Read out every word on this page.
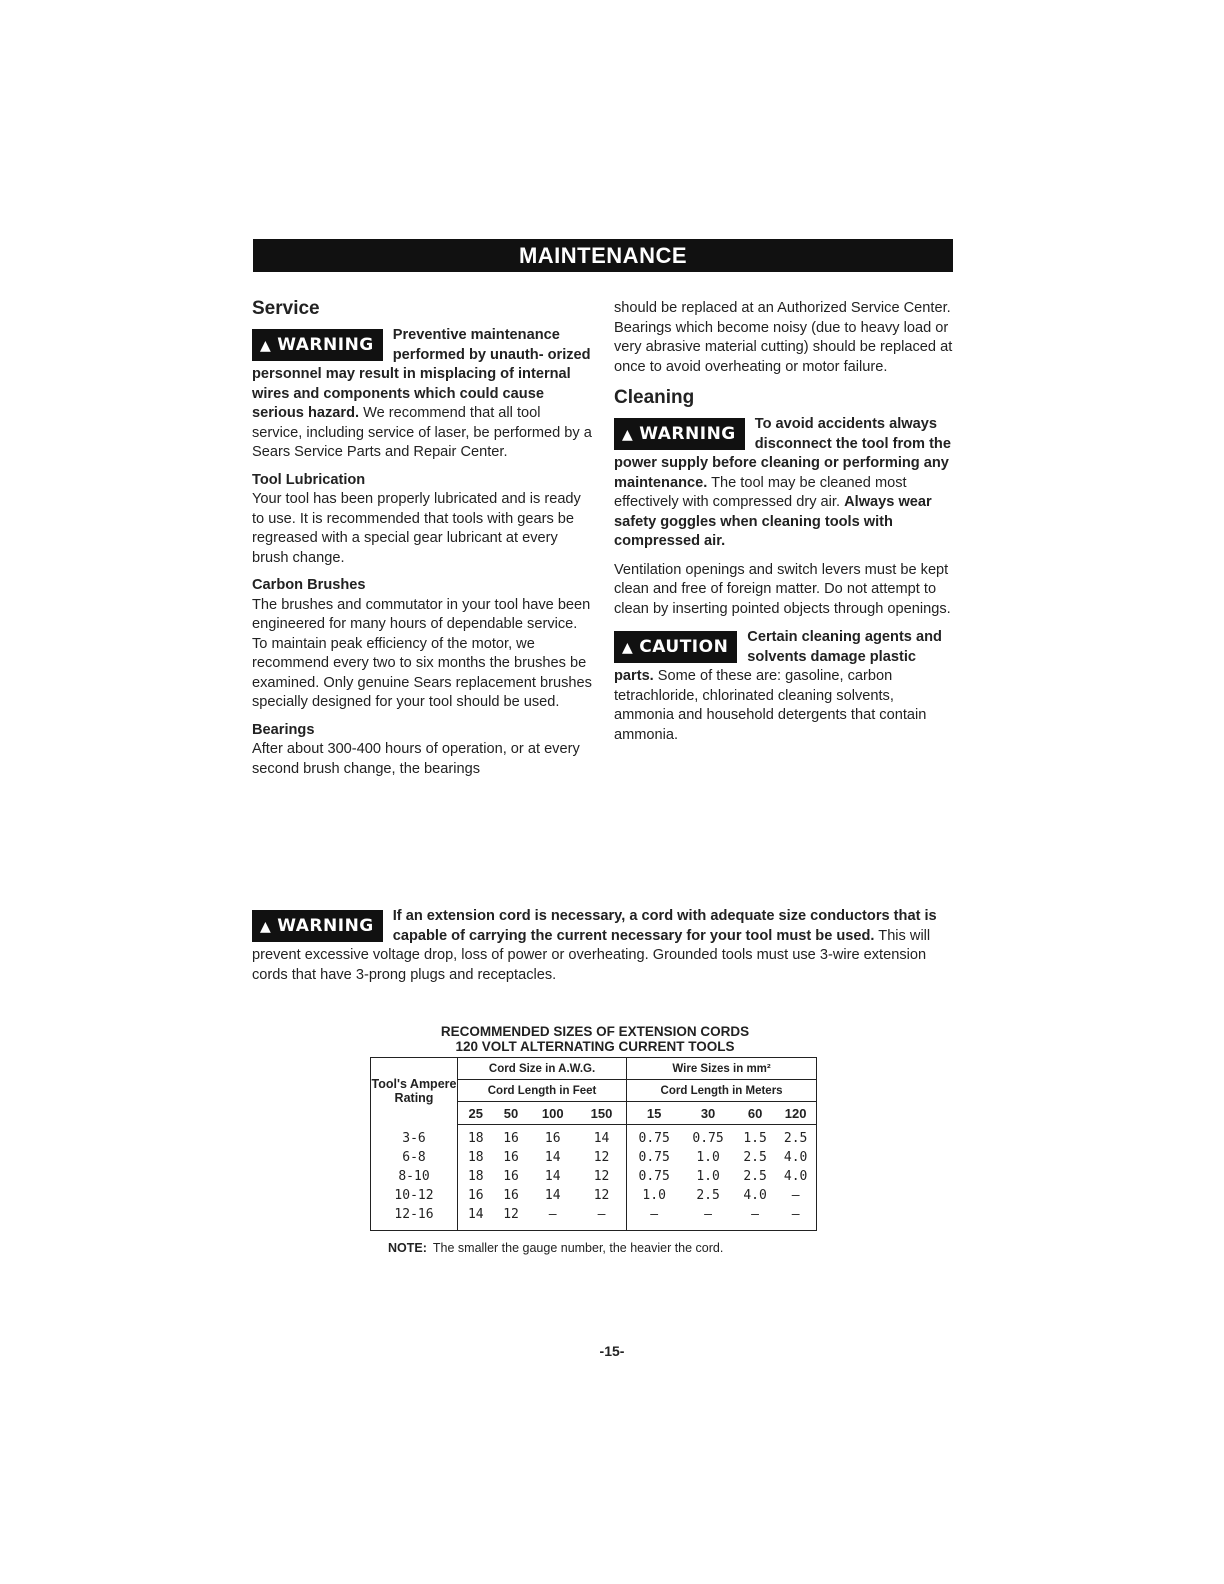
MAINTENANCE
Service

▲ WARNING	Preventive maintenance performed by unauth- orized personnel may result in misplacing of internal wires and components which could cause serious hazard. We recommend that all tool service, including service of laser, be performed by a Sears Service Parts and Repair Center.

Tool Lubrication

Your tool has been properly lubricated and is ready to use. It is recommended that tools with gears be regreased with a special gear lubricant at every brush change.

Carbon Brushes

The brushes and commutator in your tool have been engineered for many hours of dependable service. To maintain peak efficiency of the motor, we recommend every two to six months the brushes be examined. Only genuine Sears replacement brushes specially designed for your tool should be used.

Bearings

After about 300-400 hours of operation, or at every second brush change, the bearings

should be replaced at an Authorized Service Center. Bearings which become noisy (due to heavy load or very abrasive material cutting) should be replaced at once to avoid overheating or motor failure.

Cleaning

▲ WARNING	To avoid accidents always disconnect the tool from the power supply before cleaning or performing any maintenance. The tool may be cleaned most effectively with compressed dry air. Always wear safety goggles when cleaning tools with compressed air.

Ventilation openings and switch levers must be kept clean and free of foreign matter. Do not attempt to clean by inserting pointed objects through openings.

▲ CAUTION	Certain cleaning agents and solvents damage plastic parts. Some of these are: gasoline, carbon tetrachloride, chlorinated cleaning solvents, ammonia and household detergents that contain ammonia.

▲ WARNING	If an extension cord is necessary, a cord with adequate size conductors that is capable of carrying the current necessary for your tool must be used. This will prevent excessive voltage drop, loss of power or overheating. Grounded tools must use 3-wire extension cords that have 3-prong plugs and receptacles.
RECOMMENDED SIZES OF EXTENSION CORDS
120 VOLT ALTERNATING CURRENT TOOLS
Tool's Ampere Rating	Cord Size in A.W.G.				Wire Sizes in mm²			
	Cord Length in Feet				Cord Length in Meters			
	25	50	100	150	15	30	60	120
3-6	18	16	16	14	0.75	0.75	1.5	2.5
6-8	18	16	14	12	0.75	1.0	2.5	4.0
8-10	18	16	14	12	0.75	1.0	2.5	4.0
10-12	16	16	14	12	1.0	2.5	4.0	—
12-16	14	12	—	—	—	—	—	—
NOTE: The smaller the gauge number, the heavier the cord.
-15-
